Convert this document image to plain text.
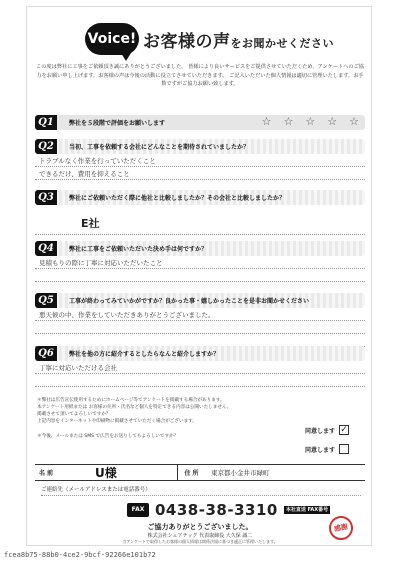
Voice! お客様の声をお聞かせください
この度は弊社に工事をご依頼頂き誠にありがとうございました。 皆様により良いサービスをご提供させていただくため、アンケートへのご協力をお願い申し上げます。お客様の声は今後の活動に役立てさせていただきます。 ご記入いただいた個人情報は適切に管理いたします。お手数ですがご協力お願い致します。
Q1	弊社を５段階で評価をお願いします	☆ ☆ ☆ ☆ ☆
Q2	当初、工事を依頼する会社にどんなことを期待されていましたか？
トラブルなく作業を行っていただくこと
できるだけ、費用を抑えること
Q3	弊社にご依頼いただく際に他社と比較しましたか？その会社と比較しましたか？
E社
Q4	弊社に工事をご依頼いただいた決め手は何ですか？
見積もりの際に丁寧に対応いただいたこと
Q5	工事が終わってみていかがですか？良かった事・嬉しかったことを是非お聞かせください
悪天候の中、作業をしていただきありがとうございました。
Q6	弊社を他の方に紹介するとしたらなんと紹介しますか？
丁寧に対応いただける会社
＊弊社は広告宣伝使用するためにホームページ等でアンケートを掲載する場合があります。
本アンケート用紙または お客様の住所・氏名など個人を特定できる内容は公開いたしません。
掲載させて頂いてよろしいですか？
上記内容をインターネットや印刷物に掲載させていただく場合がございます。
＊今後、メールまたは SMS で広告をお送りしてもよろしいですか？
同意します ✓
同意します
名 前	U様	住 所	東京都小金井市緑町
ご連絡先（メールアドレスまたは電話番号）
FAX 0438-38-3310	本社直送 FAX番号
ご協力ありがとうございました。
株式会社シェアテック 代表取締役 大久保 誠二
当アンケートで取得したお客様の個人情報は関係法規に基づき適正に管理いたします。
感謝
fcea8b75-88b0-4ce2-9bcf-92266e101b72
